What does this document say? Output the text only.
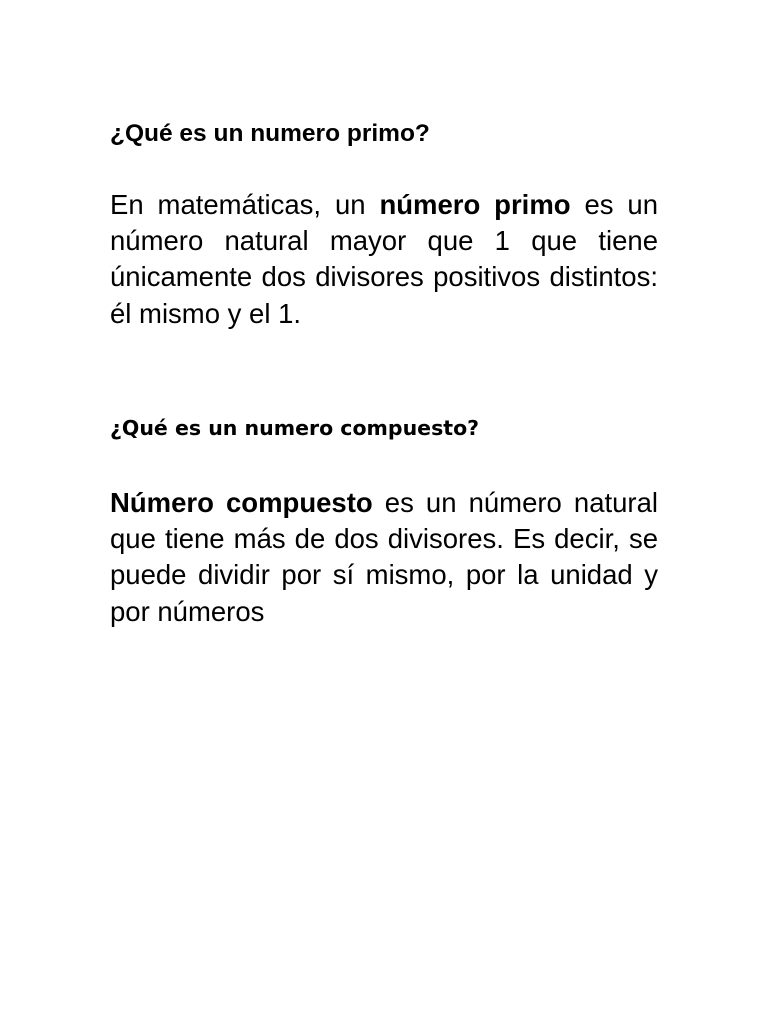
¿Qué es un numero primo?

En matemáticas, un número primo es un número natural mayor que 1 que tiene únicamente dos divisores positivos distintos: él mismo y el 1.

¿Qué es un numero compuesto?

Número compuesto es un número natural que tiene más de dos divisores. Es decir, se puede dividir por sí mismo, por la unidad y por números
